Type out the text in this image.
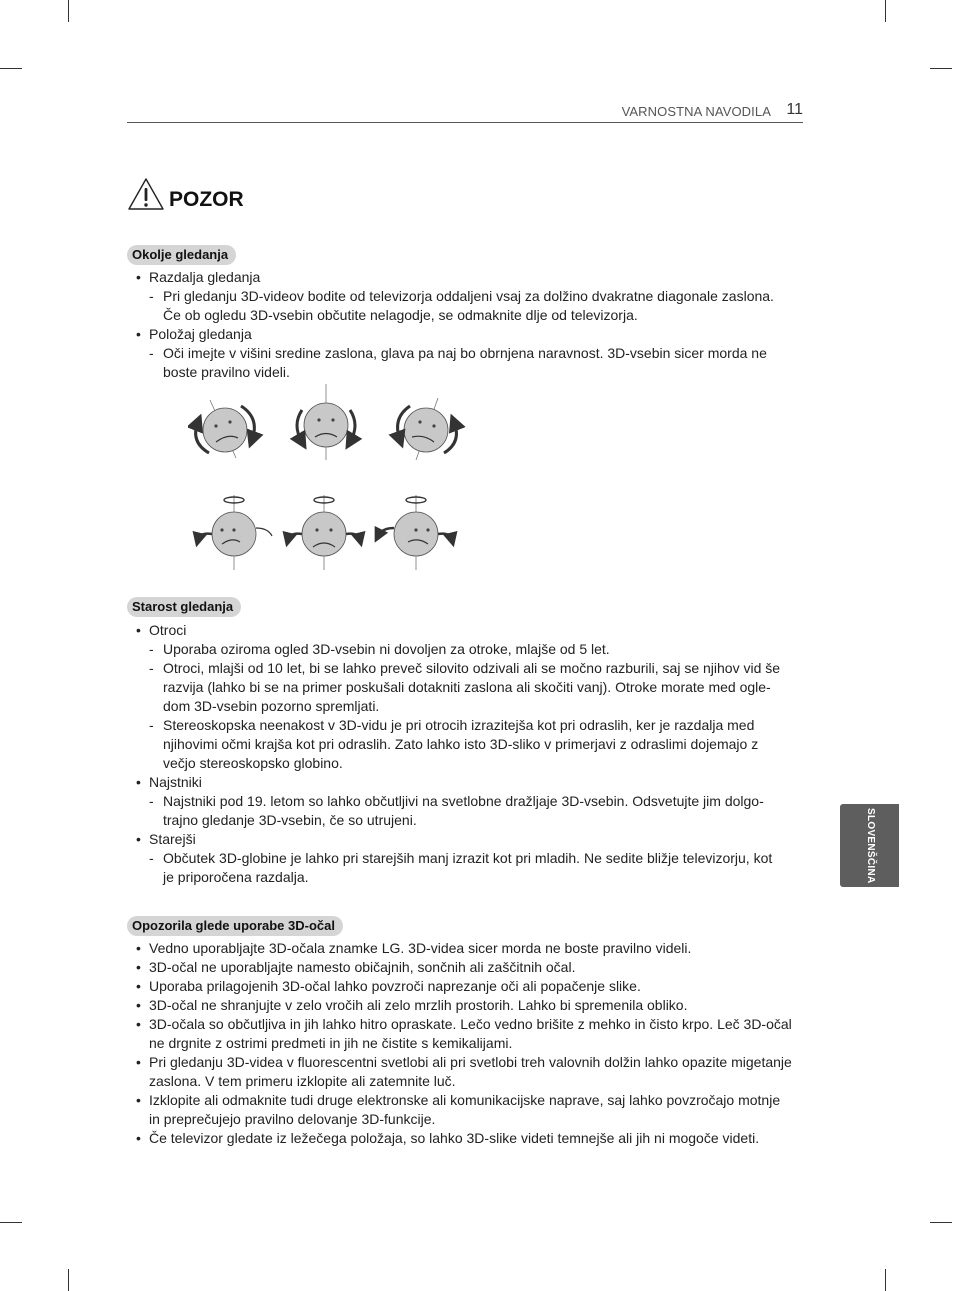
VARNOSTNA NAVODILA 11
POZOR
Okolje gledanja
• Razdalja gledanja
- Pri gledanju 3D-videov bodite od televizorja oddaljeni vsaj za dolžino dvakratne diagonale zaslona.
Če ob ogledu 3D-vsebin občutite nelagodje, se odmaknite dlje od televizorja.
• Položaj gledanja
- Oči imejte v višini sredine zaslona, glava pa naj bo obrnjena naravnost. 3D-vsebin sicer morda ne
boste pravilno videli.
Starost gledanja
• Otroci
- Uporaba oziroma ogled 3D-vsebin ni dovoljen za otroke, mlajše od 5 let.
- Otroci, mlajši od 10 let, bi se lahko preveč silovito odzivali ali se močno razburili, saj se njihov vid še
razvija (lahko bi se na primer poskušali dotakniti zaslona ali skočiti vanj). Otroke morate med ogle-
dom 3D-vsebin pozorno spremljati.
- Stereoskopska neenakost v 3D-vidu je pri otrocih izrazitejša kot pri odraslih, ker je razdalja med
njihovimi očmi krajša kot pri odraslih. Zato lahko isto 3D-sliko v primerjavi z odraslimi dojemajo z
večjo stereoskopsko globino.
• Najstniki
- Najstniki pod 19. letom so lahko občutljivi na svetlobne dražljaje 3D-vsebin. Odsvetujte jim dolgo-
trajno gledanje 3D-vsebin, če so utrujeni.
• Starejši
- Občutek 3D-globine je lahko pri starejših manj izrazit kot pri mladih. Ne sedite bližje televizorju, kot
je priporočena razdalja.
Opozorila glede uporabe 3D-očal
• Vedno uporabljajte 3D-očala znamke LG. 3D-videa sicer morda ne boste pravilno videli.
• 3D-očal ne uporabljajte namesto običajnih, sončnih ali zaščitnih očal.
• Uporaba prilagojenih 3D-očal lahko povzroči naprezanje oči ali popačenje slike.
• 3D-očal ne shranjujte v zelo vročih ali zelo mrzlih prostorih. Lahko bi spremenila obliko.
• 3D-očala so občutljiva in jih lahko hitro opraskate. Lečo vedno brišite z mehko in čisto krpo. Leč 3D-očal
ne drgnite z ostrimi predmeti in jih ne čistite s kemikalijami.
• Pri gledanju 3D-videa v fluorescentni svetlobi ali pri svetlobi treh valovnih dolžin lahko opazite migetanje
zaslona. V tem primeru izklopite ali zatemnite luč.
• Izklopite ali odmaknite tudi druge elektronske ali komunikacijske naprave, saj lahko povzročajo motnje
in preprečujejo pravilno delovanje 3D-funkcije.
• Če televizor gledate iz ležečega položaja, so lahko 3D-slike videti temnejše ali jih ni mogoče videti.
SLOVENŠČINA
